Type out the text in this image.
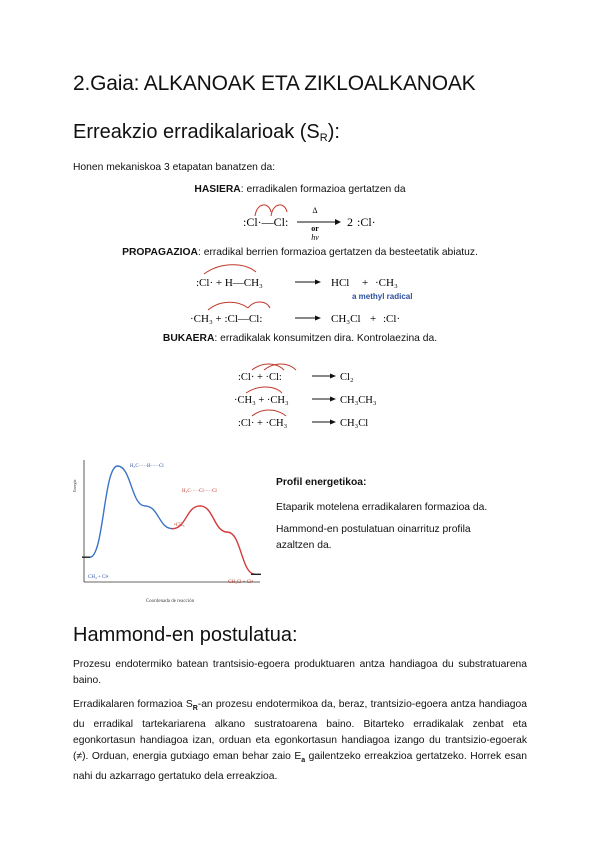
2.Gaia: ALKANOAK ETA ZIKLOALKANOAK
Erreakzio erradikalarioak $(S_R)$:
Honen mekaniskoa 3 etapatan banatzen da:
HASIERA: erradikalen formazioa gertatzen da
:Cl·—Cl:
Δ
or
hν
2 :Cl·
PROPAGAZIOA: erradikal berrien formazioa gertatzen da besteetatik abiatuz.
:Cl· + H—CH₃	HCl + ·CH₃
a methyl radical
·CH₃ + :Cl—Cl:	CH₃Cl + :Cl·
BUKAERA: erradikalak konsumitzen dira. Kontrolaezina da.
:Cl· + ·Cl:	Cl₂
·CH₃ + ·CH₃	CH₃CH₃
:Cl· + ·CH₃	CH₃Cl
Energía
Coordenada de reacción
H₃C·····H·····Cl
H₃C·····Cl·····Cl
•CH₃
CH₄ + Cl•
CH₃Cl + Cl•
Profil energetikoa:
Etaparik motelena erradikalaren formazioa da.
Hammond-en postulatuan oinarrituz profila azaltzen da.
Hammond-en postulatua:
Prozesu endotermiko batean trantsisio-egoera produktuaren antza handiagoa du substratuarena baino.
Erradikalaren formazioa $S_R-an$ prozesu endotermikoa da, beraz, trantsizio-egoera antza handiagoa du erradikal tartekariarena alkano sustratoarena baino. Bitarteko erradikalak zenbat eta egonkortasun handiagoa izan, orduan eta egonkortasun handiagoa izango du trantsizio-egoerak (≠). Orduan, energia gutxiago eman behar zaio $E_a$ gailentzeko erreakzioa gertatzeko. Horrek esan nahi du azkarrago gertatuko dela erreakzioa.
